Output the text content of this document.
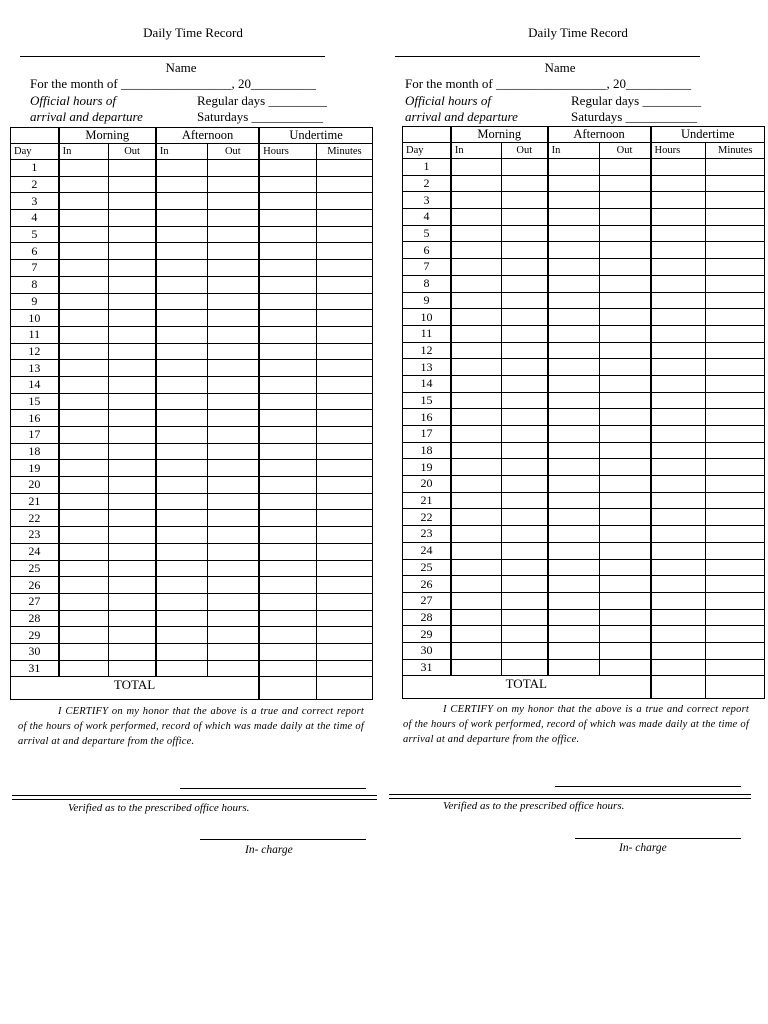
Daily Time Record
Name
For the month of _________________, 20__________
Official hours of	Regular days _________
arrival and departure	Saturdays ___________
	Morning		Afternoon		Undertime	
Day	In	Out	In	Out	Hours	Minutes
1						
2						
3						
4						
5						
6						
7						
8						
9						
10						
11						
12						
13						
14						
15						
16						
17						
18						
19						
20						
21						
22						
23						
24						
25						
26						
27						
28						
29						
30						
31						
TOTAL						
I CERTIFY on my honor that the above is a true and correct report of the hours of work performed, record of which was made daily at the time of arrival at and departure from the office.
Verified as to the prescribed office hours.
In- charge
Daily Time Record
Name
For the month of _________________, 20__________
Official hours of	Regular days _________
arrival and departure	Saturdays ___________
	Morning		Afternoon		Undertime	
Day	In	Out	In	Out	Hours	Minutes
1						
2						
3						
4						
5						
6						
7						
8						
9						
10						
11						
12						
13						
14						
15						
16						
17						
18						
19						
20						
21						
22						
23						
24						
25						
26						
27						
28						
29						
30						
31						
TOTAL						
I CERTIFY on my honor that the above is a true and correct report of the hours of work performed, record of which was made daily at the time of arrival at and departure from the office.
Verified as to the prescribed office hours.
In- charge
